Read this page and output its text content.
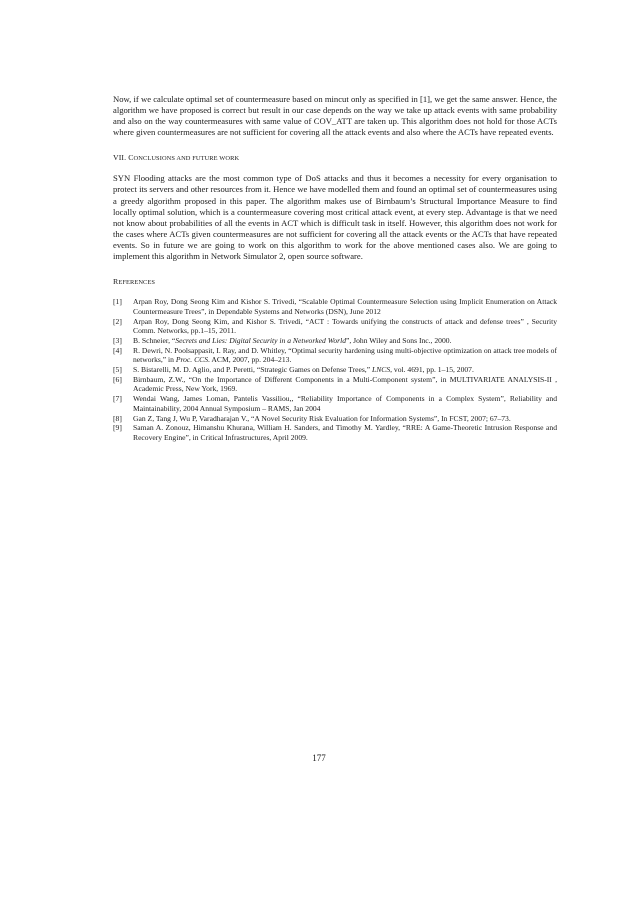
Now, if we calculate optimal set of countermeasure based on mincut only as specified in [1], we get the same answer. Hence, the algorithm we have proposed is correct but result in our case depends on the way we take up attack events with same probability and also on the way countermeasures with same value of COV_ATT are taken up. This algorithm does not hold for those ACTs where given countermeasures are not sufficient for covering all the attack events and also where the ACTs have repeated events.

VII. CONCLUSIONS AND FUTURE WORK

SYN Flooding attacks are the most common type of DoS attacks and thus it becomes a necessity for every organisation to protect its servers and other resources from it. Hence we have modelled them and found an optimal set of countermeasures using a greedy algorithm proposed in this paper. The algorithm makes use of Birnbaum’s Structural Importance Measure to find locally optimal solution, which is a countermeasure covering most critical attack event, at every step. Advantage is that we need not know about probabilities of all the events in ACT which is difficult task in itself. However, this algorithm does not work for the cases where ACTs given countermeasures are not sufficient for covering all the attack events or the ACTs that have repeated events. So in future we are going to work on this algorithm to work for the above mentioned cases also. We are going to implement this algorithm in Network Simulator 2, open source software.

REFERENCES
[1] Arpan Roy, Dong Seong Kim and Kishor S. Trivedi, “Scalable Optimal Countermeasure Selection using Implicit Enumeration on Attack Countermeasure Trees”, in Dependable Systems and Networks (DSN), June 2012
[2] Arpan Roy, Dong Seong Kim, and Kishor S. Trivedi, “ACT : Towards unifying the constructs of attack and defense trees” , Security Comm. Networks, pp.1–15, 2011.
[3] B. Schneier, “Secrets and Lies: Digital Security in a Networked World”, John Wiley and Sons Inc., 2000.
[4] R. Dewri, N. Poolsappasit, I. Ray, and D. Whitley, “Optimal security hardening using multi-objective optimization on attack tree models of networks,” in Proc. CCS. ACM, 2007, pp. 204–213.
[5] S. Bistarelli, M. D. Aglio, and P. Peretti, “Strategic Games on Defense Trees,” LNCS, vol. 4691, pp. 1–15, 2007.
[6] Birnbaum, Z.W., “On the Importance of Different Components in a Multi-Component system”, in MULTIVARIATE ANALYSIS-II , Academic Press, New York, 1969.
[7] Wendai Wang, James Loman, Pantelis Vassiliou,, “Reliability Importance of Components in a Complex System”, Reliability and Maintainability, 2004 Annual Symposium – RAMS, Jan 2004
[8] Gan Z, Tang J, Wu P, Varadharajan V., “A Novel Security Risk Evaluation for Information Systems”, In FCST, 2007; 67–73.
[9] Saman A. Zonouz, Himanshu Khurana, William H. Sanders, and Timothy M. Yardley, “RRE: A Game-Theoretic Intrusion Response and Recovery Engine”, in Critical Infrastructures, April 2009.
177
